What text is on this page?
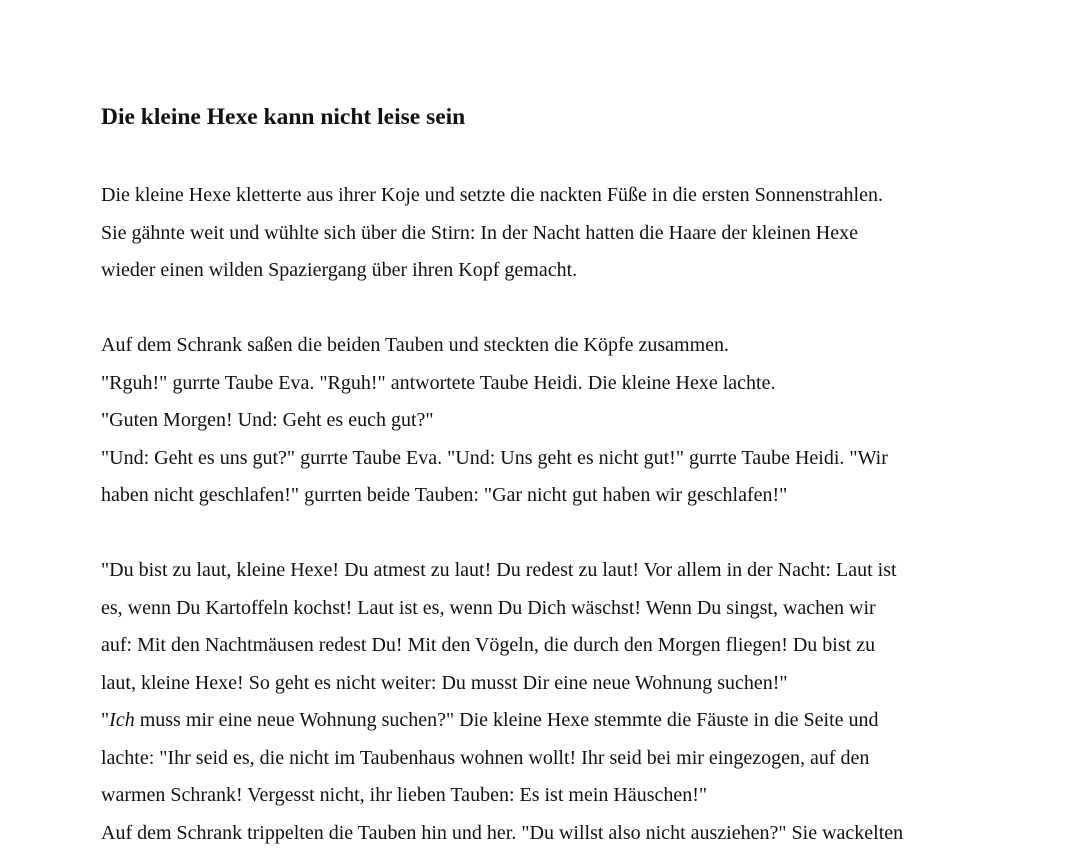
Die kleine Hexe kann nicht leise sein

Die kleine Hexe kletterte aus ihrer Koje und setzte die nackten Füße in die ersten Sonnenstrahlen.
Sie gähnte weit und wühlte sich über die Stirn: In der Nacht hatten die Haare der kleinen Hexe
wieder einen wilden Spaziergang über ihren Kopf gemacht.

Auf dem Schrank saßen die beiden Tauben und steckten die Köpfe zusammen.
"Rguh!" gurrte Taube Eva. "Rguh!" antwortete Taube Heidi. Die kleine Hexe lachte.
"Guten Morgen! Und: Geht es euch gut?"
"Und: Geht es uns gut?" gurrte Taube Eva. "Und: Uns geht es nicht gut!" gurrte Taube Heidi. "Wir
haben nicht geschlafen!" gurrten beide Tauben: "Gar nicht gut haben wir geschlafen!"

"Du bist zu laut, kleine Hexe! Du atmest zu laut! Du redest zu laut! Vor allem in der Nacht: Laut ist
es, wenn Du Kartoffeln kochst! Laut ist es, wenn Du Dich wäschst! Wenn Du singst, wachen wir
auf: Mit den Nachtmäusen redest Du! Mit den Vögeln, die durch den Morgen fliegen! Du bist zu
laut, kleine Hexe! So geht es nicht weiter: Du musst Dir eine neue Wohnung suchen!"

"Ich muss mir eine neue Wohnung suchen?" Die kleine Hexe stemmte die Fäuste in die Seite und
lachte: "Ihr seid es, die nicht im Taubenhaus wohnen wollt! Ihr seid bei mir eingezogen, auf den
warmen Schrank! Vergesst nicht, ihr lieben Tauben: Es ist mein Häuschen!"
Auf dem Schrank trippelten die Tauben hin und her. "Du willst also nicht ausziehen?" Sie wackelten
